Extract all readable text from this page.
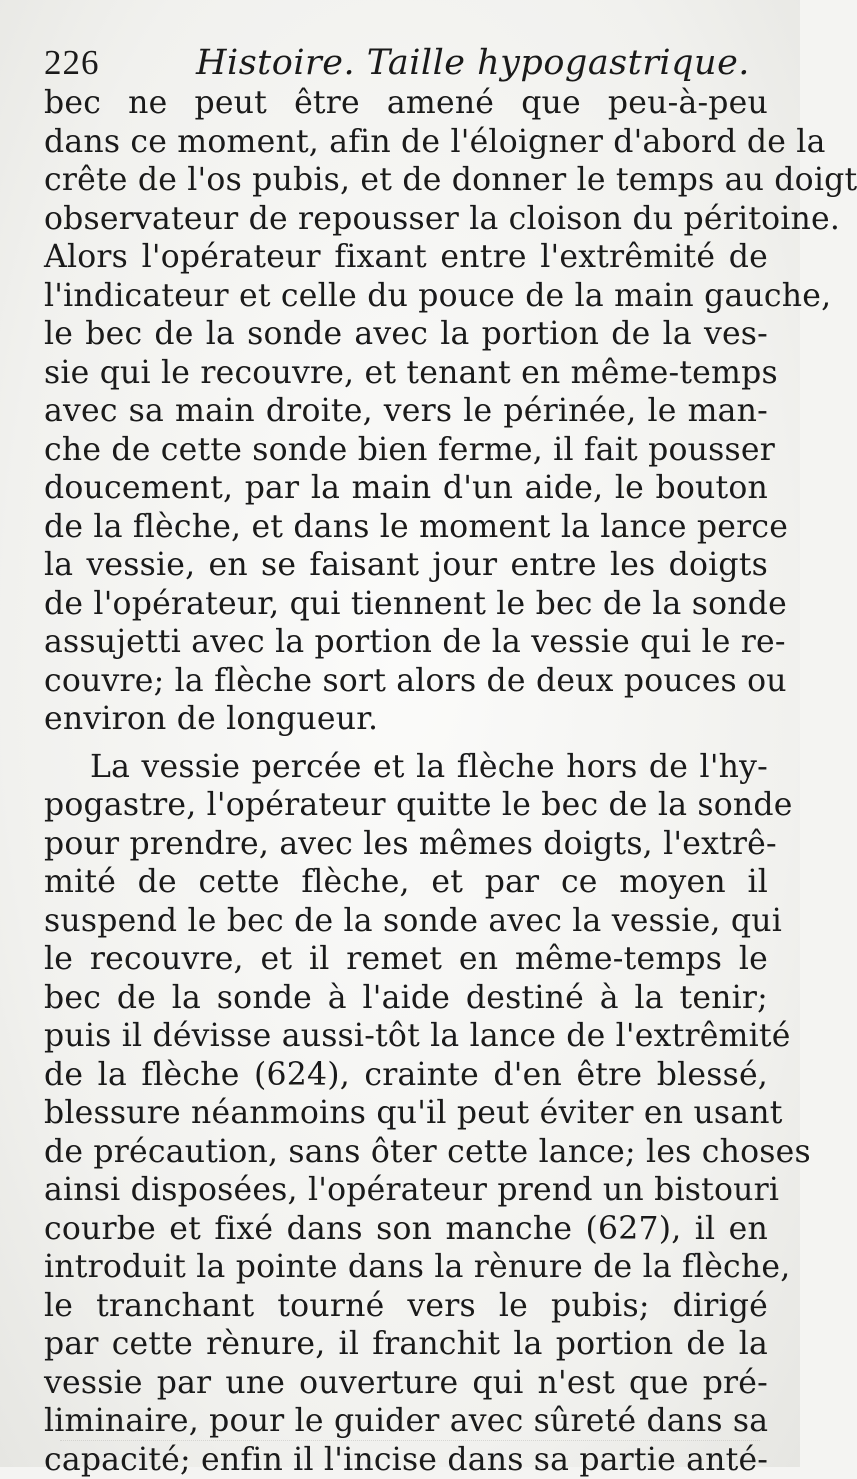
226	Histoire. Taille hypogastrique.
bec ne peut être amené que peu-à-peu
dans ce moment, afin de l'éloigner d'abord de la
crête de l'os pubis, et de donner le temps au doigt
observateur de repousser la cloison du péritoine.
Alors l'opérateur fixant entre l'extrêmité de
l'indicateur et celle du pouce de la main gauche,
le bec de la sonde avec la portion de la ves-
sie qui le recouvre, et tenant en même-temps
avec sa main droite, vers le périnée, le man-
che de cette sonde bien ferme, il fait pousser
doucement, par la main d'un aide, le bouton
de la flèche, et dans le moment la lance perce
la vessie, en se faisant jour entre les doigts
de l'opérateur, qui tiennent le bec de la sonde
assujetti avec la portion de la vessie qui le re-
couvre; la flèche sort alors de deux pouces ou
environ de longueur.
La vessie percée et la flèche hors de l'hy-
pogastre, l'opérateur quitte le bec de la sonde
pour prendre, avec les mêmes doigts, l'extrê-
mité de cette flèche, et par ce moyen il
suspend le bec de la sonde avec la vessie, qui
le recouvre, et il remet en même-temps le
bec de la sonde à l'aide destiné à la tenir;
puis il dévisse aussi-tôt la lance de l'extrêmité
de la flèche (624), crainte d'en être blessé,
blessure néanmoins qu'il peut éviter en usant
de précaution, sans ôter cette lance; les choses
ainsi disposées, l'opérateur prend un bistouri
courbe et fixé dans son manche (627), il en
introduit la pointe dans la rènure de la flèche,
le tranchant tourné vers le pubis; dirigé
par cette rènure, il franchit la portion de la
vessie par une ouverture qui n'est que pré-
liminaire, pour le guider avec sûreté dans sa
capacité; enfin il l'incise dans sa partie anté-
